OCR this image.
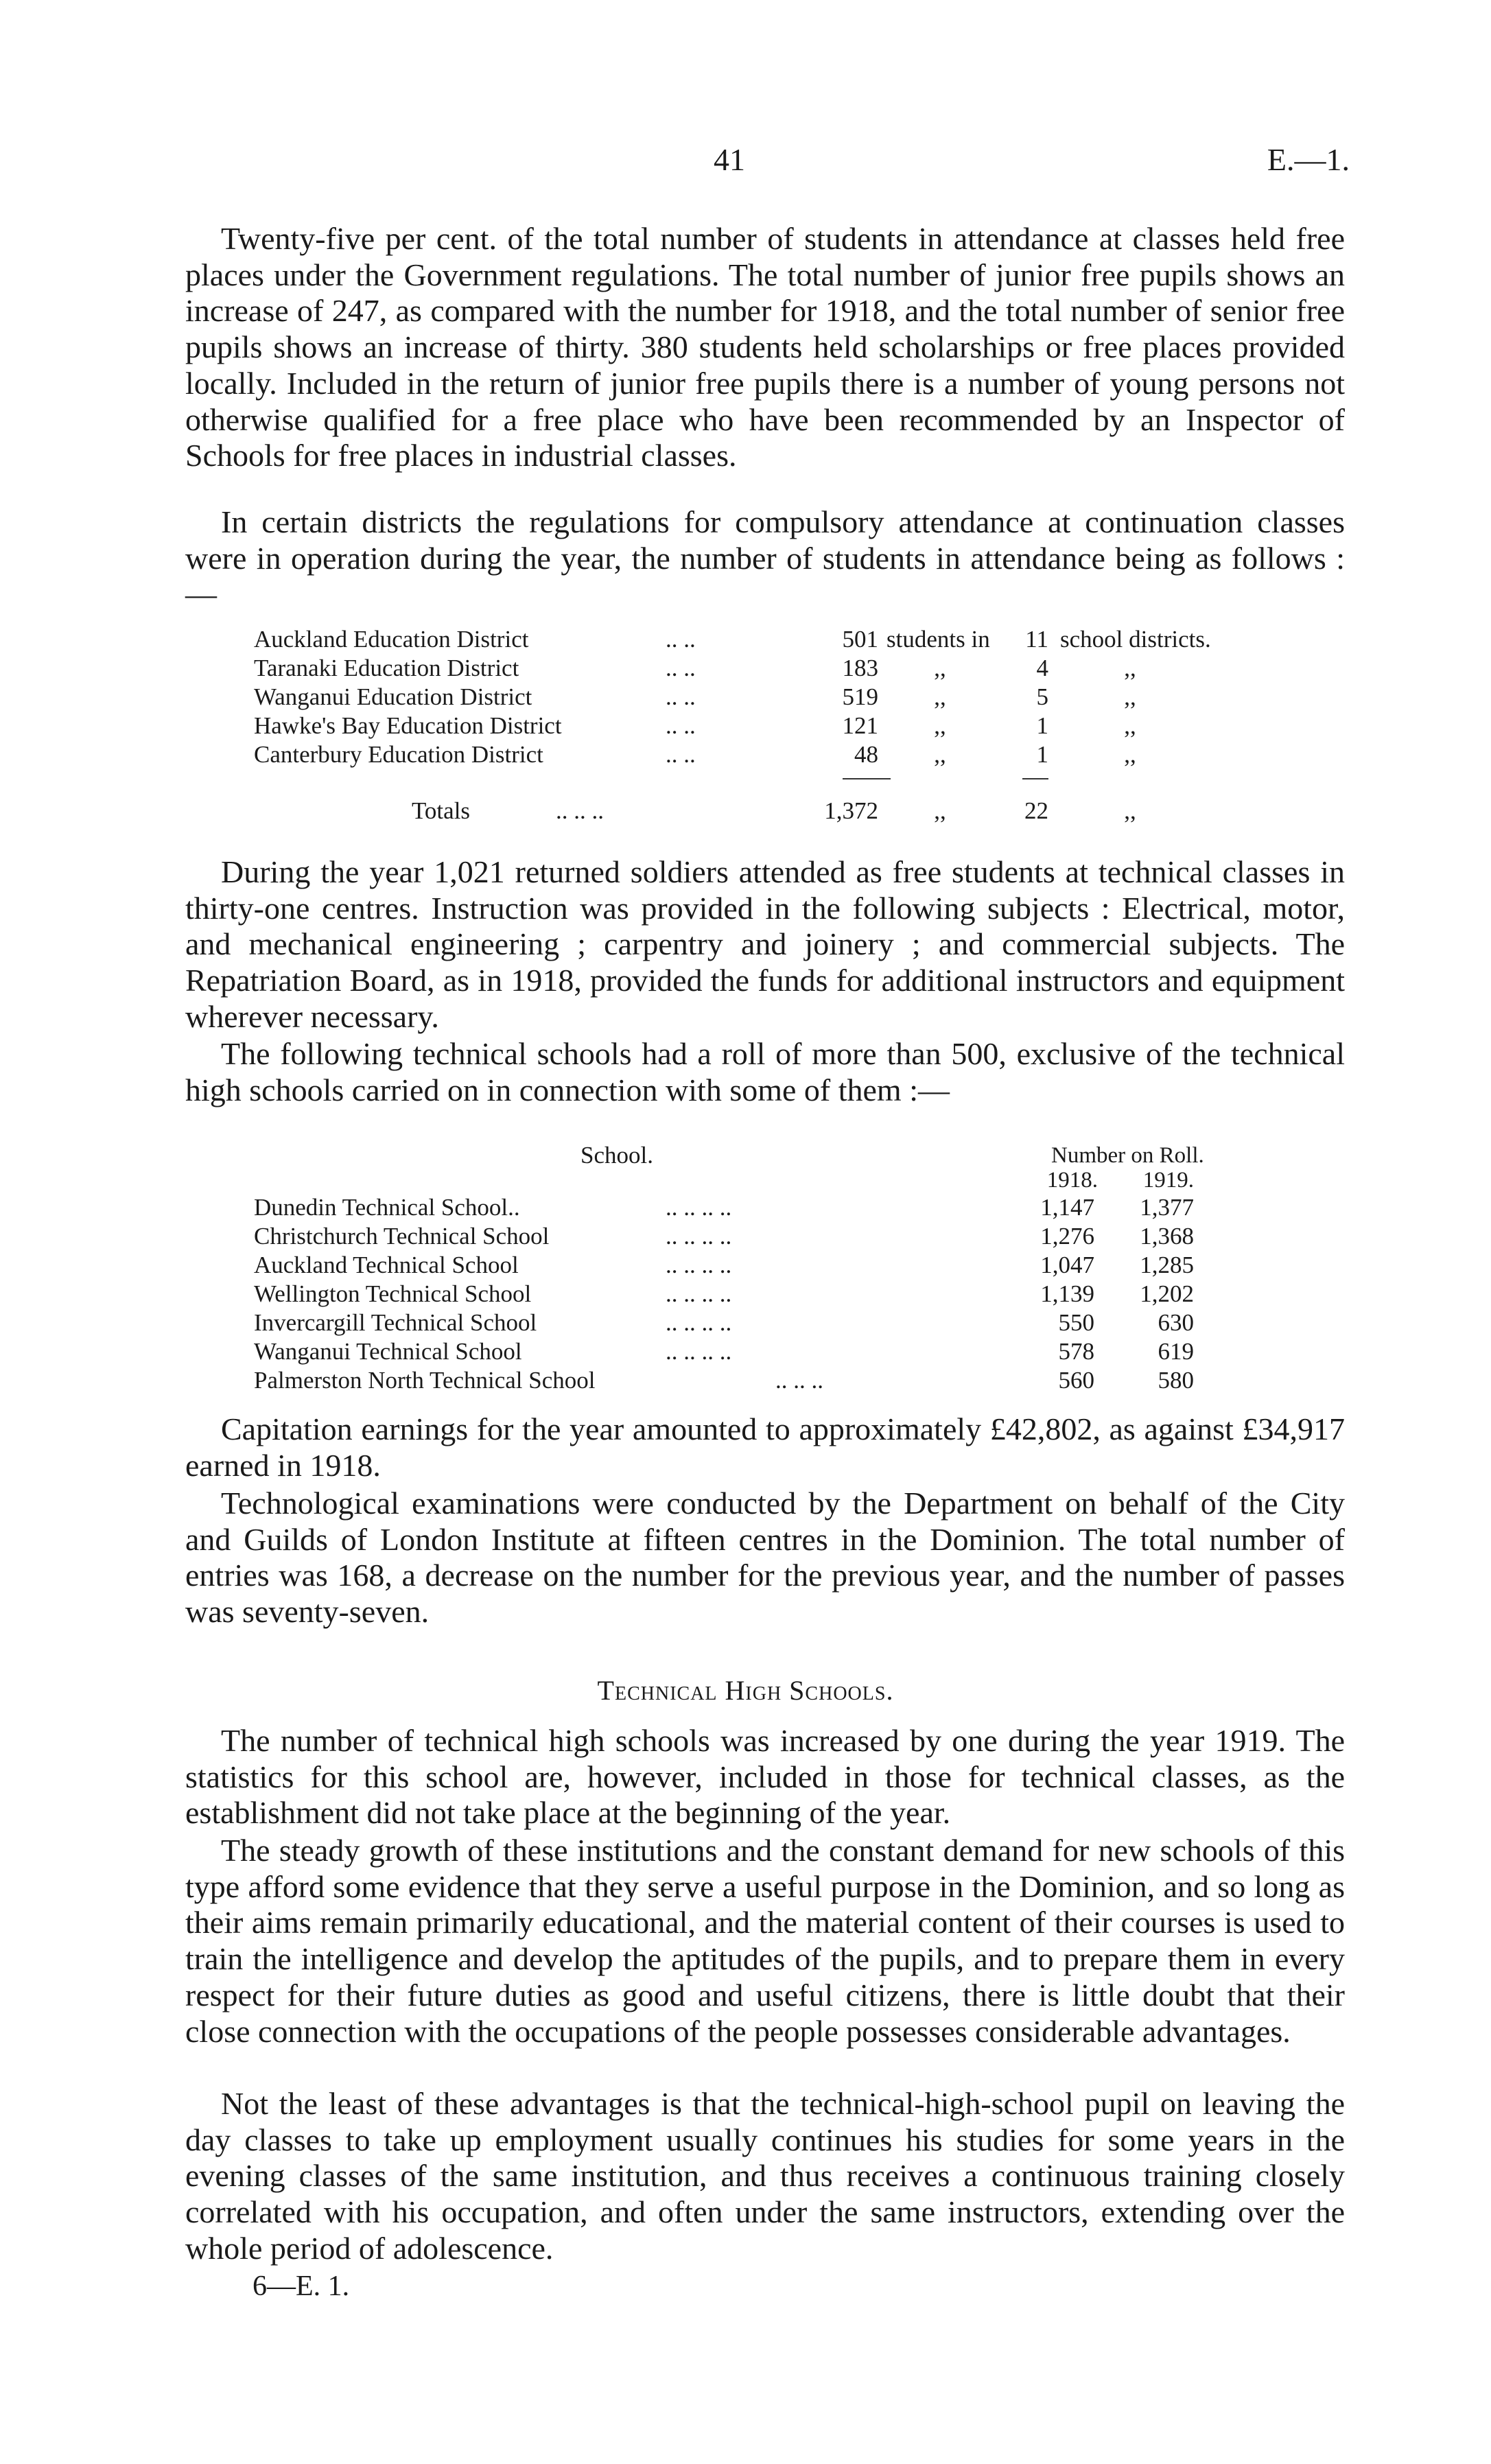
41	E.—1.

Twenty-five per cent. of the total number of students in attendance at classes held free places under the Government regulations. The total number of junior free pupils shows an increase of 247, as compared with the number for 1918, and the total number of senior free pupils shows an increase of thirty. 380 students held scholarships or free places provided locally. Included in the return of junior free pupils there is a number of young persons not otherwise qualified for a free place who have been recommended by an Inspector of Schools for free places in industrial classes.

In certain districts the regulations for compulsory attendance at continuation classes were in operation during the year, the number of students in attendance being as follows :—

Auckland Education District	.. ..	501 students in	11 school districts.
Taranaki Education District	.. ..	183 ,,	4	,,
Wanganui Education District	.. ..	519 ,,	5	,,
Hawke's Bay Education District	.. ..	121 ,,	1	,,
Canterbury Education District	.. ..	48 ,,	1	,,
Totals	.. .. ..	1,372 ,,	22	,,

During the year 1,021 returned soldiers attended as free students at technical classes in thirty-one centres. Instruction was provided in the following subjects : Electrical, motor, and mechanical engineering ; carpentry and joinery ; and commercial subjects. The Repatriation Board, as in 1918, provided the funds for additional instructors and equipment wherever necessary.

The following technical schools had a roll of more than 500, exclusive of the technical high schools carried on in connection with some of them :—

School.	Number on Roll.
1918.	1919.
Dunedin Technical School..	.. .. .. ..	1,147	1,377
Christchurch Technical School	.. .. .. ..	1,276	1,368
Auckland Technical School	.. .. .. ..	1,047	1,285
Wellington Technical School	.. .. .. ..	1,139	1,202
Invercargill Technical School	.. .. .. ..	550	630
Wanganui Technical School	.. .. .. ..	578	619
Palmerston North Technical School	.. .. ..	560	580

Capitation earnings for the year amounted to approximately £42,802, as against £34,917 earned in 1918.

Technological examinations were conducted by the Department on behalf of the City and Guilds of London Institute at fifteen centres in the Dominion. The total number of entries was 168, a decrease on the number for the previous year, and the number of passes was seventy-seven.

Technical High Schools.

The number of technical high schools was increased by one during the year 1919. The statistics for this school are, however, included in those for technical classes, as the establishment did not take place at the beginning of the year.

The steady growth of these institutions and the constant demand for new schools of this type afford some evidence that they serve a useful purpose in the Dominion, and so long as their aims remain primarily educational, and the material content of their courses is used to train the intelligence and develop the aptitudes of the pupils, and to prepare them in every respect for their future duties as good and useful citizens, there is little doubt that their close connection with the occupations of the people possesses considerable advantages.

Not the least of these advantages is that the technical-high-school pupil on leaving the day classes to take up employment usually continues his studies for some years in the evening classes of the same institution, and thus receives a continuous training closely correlated with his occupation, and often under the same instructors, extending over the whole period of adolescence.

6—E. 1.
